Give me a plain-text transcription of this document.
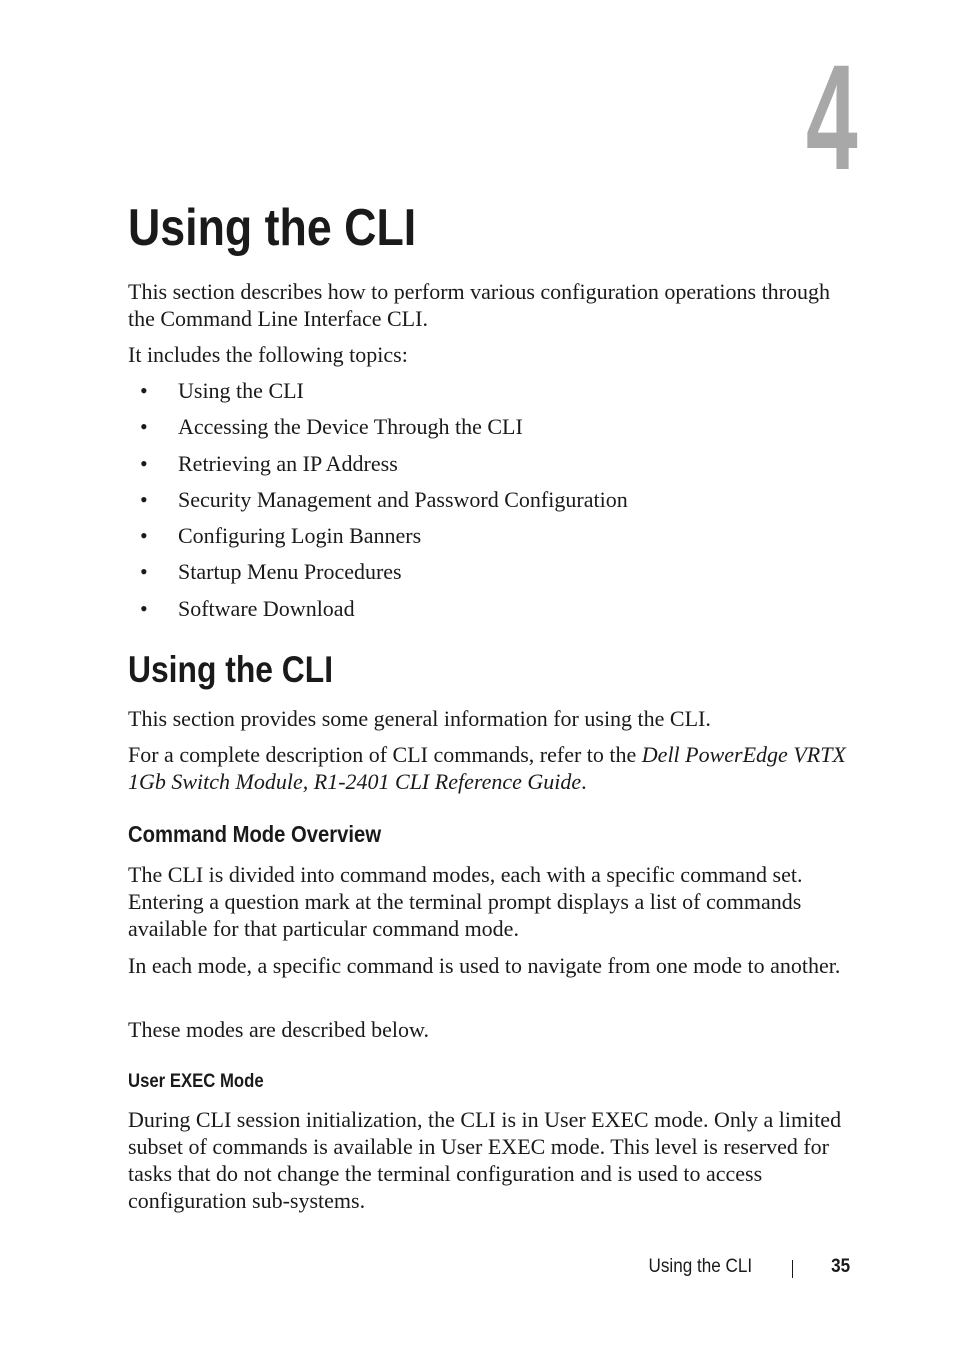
4
Using the CLI

This section describes how to perform various configuration operations through the Command Line Interface CLI.

It includes the following topics:

• Using the CLI
• Accessing the Device Through the CLI
• Retrieving an IP Address
• Security Management and Password Configuration
• Configuring Login Banners
• Startup Menu Procedures
• Software Download
Using the CLI

This section provides some general information for using the CLI.

For a complete description of CLI commands, refer to the Dell PowerEdge VRTX 1Gb Switch Module, R1-2401 CLI Reference Guide.

Command Mode Overview

The CLI is divided into command modes, each with a specific command set. Entering a question mark at the terminal prompt displays a list of commands available for that particular command mode.

In each mode, a specific command is used to navigate from one mode to another.

These modes are described below.

User EXEC Mode

During CLI session initialization, the CLI is in User EXEC mode. Only a limited subset of commands is available in User EXEC mode. This level is reserved for tasks that do not change the terminal configuration and is used to access configuration sub-systems.

Using the CLI	35
